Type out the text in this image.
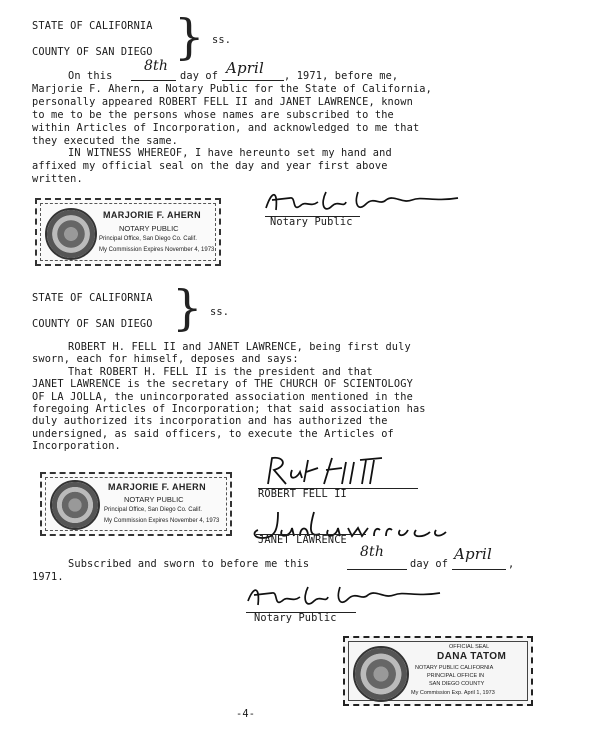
STATE OF CALIFORNIA
COUNTY OF SAN DIEGO } ss.
On this
8th
day of April , 1971, before me,
Marjorie F. Ahern, a Notary Public for the State of California,
personally appeared ROBERT FELL II and JANET LAWRENCE, known
to me to be the persons whose names are subscribed to the
within Articles of Incorporation, and acknowledged to me that
they executed the same.
IN WITNESS WHEREOF, I have hereunto set my hand and
affixed my official seal on the day and year first above
written.
MARJORIE F. AHERN
NOTARY PUBLIC
Principal Office, San Diego Co. Calif.
My Commission Expires November 4, 1973
Notary Public
STATE OF CALIFORNIA
COUNTY OF SAN DIEGO } ss.
ROBERT H. FELL II and JANET LAWRENCE, being first duly
sworn, each for himself, deposes and says:
That ROBERT H. FELL II is the president and that
JANET LAWRENCE is the secretary of THE CHURCH OF SCIENTOLOGY
OF LA JOLLA, the unincorporated association mentioned in the
foregoing Articles of Incorporation; that said association has
duly authorized its incorporation and has authorized the
undersigned, as said officers, to execute the Articles of
Incorporation.
MARJORIE F. AHERN
NOTARY PUBLIC
Principal Office, San Diego Co. Calif.
My Commission Expires November 4, 1973
ROBERT FELL II
JANET LAWRENCE
Subscribed and sworn to before me this
8th
day of
April
,
1971.
Notary Public
OFFICIAL SEAL
DANA TATOM
NOTARY PUBLIC CALIFORNIA
PRINCIPAL OFFICE IN
SAN DIEGO COUNTY
My Commission Exp. April 1, 1973
-4-
